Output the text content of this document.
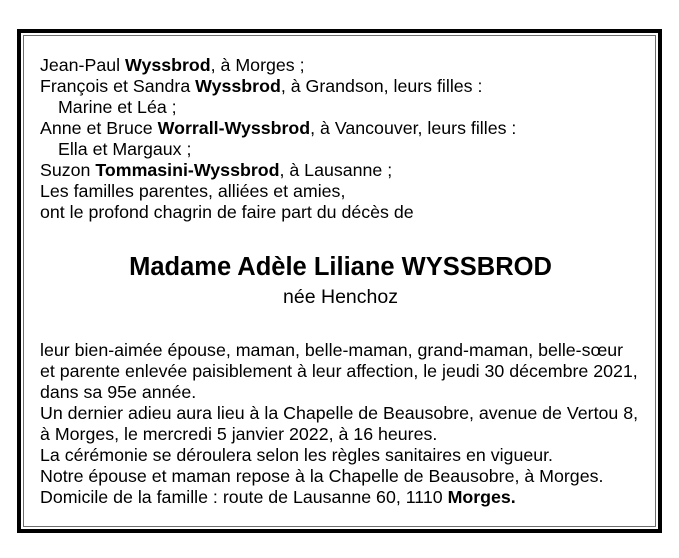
Jean-Paul Wyssbrod, à Morges ;
François et Sandra Wyssbrod, à Grandson, leurs filles :
Marine et Léa ;
Anne et Bruce Worrall-Wyssbrod, à Vancouver, leurs filles :
Ella et Margaux ;
Suzon Tommasini-Wyssbrod, à Lausanne ;
Les familles parentes, alliées et amies,
ont le profond chagrin de faire part du décès de
Madame Adèle Liliane WYSSBROD
née Henchoz
leur bien-aimée épouse, maman, belle-maman, grand-maman, belle-sœur
et parente enlevée paisiblement à leur affection, le jeudi 30 décembre 2021,
dans sa 95e année.
Un dernier adieu aura lieu à la Chapelle de Beausobre, avenue de Vertou 8,
à Morges, le mercredi 5 janvier 2022, à 16 heures.
La cérémonie se déroulera selon les règles sanitaires en vigueur.
Notre épouse et maman repose à la Chapelle de Beausobre, à Morges.
Domicile de la famille : route de Lausanne 60, 1110 Morges.
